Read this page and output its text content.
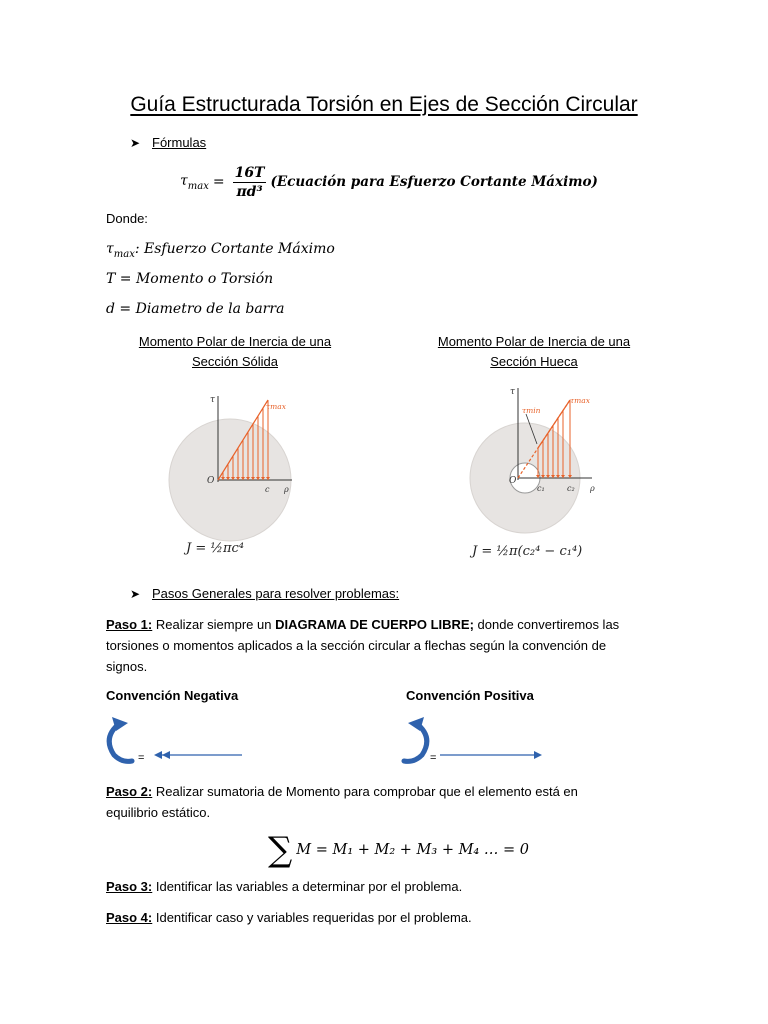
Guía Estructurada Torsión en Ejes de Sección Circular
➤ Fórmulas
$\tau_{max} = \frac{16T}{\text{πd³}}$ (Ecuación para Esfuerzo Cortante Máximo)
Donde:
$\tau_{max}$: Esfuerzo Cortante Máximo
T = Momento o Torsión
d = Diametro de la barra
Momento Polar de Inercia de una
Sección Sólida
Momento Polar de Inercia de una
Sección Hueca
τ
τmax
O
c ρ
J = ½πc⁴
τ
τmax
τmin
O
c₁	c₂ ρ
J = ½π(c₂⁴ − c₁⁴)
➤ Pasos Generales para resolver problemas:
Paso 1: Realizar siempre un DIAGRAMA DE CUERPO LIBRE; donde convertiremos las
torsiones o momentos aplicados a la sección circular a flechas según la convención de
signos.
Convención Negativa	Convención Positiva
=	=
Paso 2: Realizar sumatoria de Momento para comprobar que el elemento está en
equilibrio estático.
∑ M = M₁ + M₂ + M₃ + M₄ … = 0
Paso 3: Identificar las variables a determinar por el problema.
Paso 4: Identificar caso y variables requeridas por el problema.
